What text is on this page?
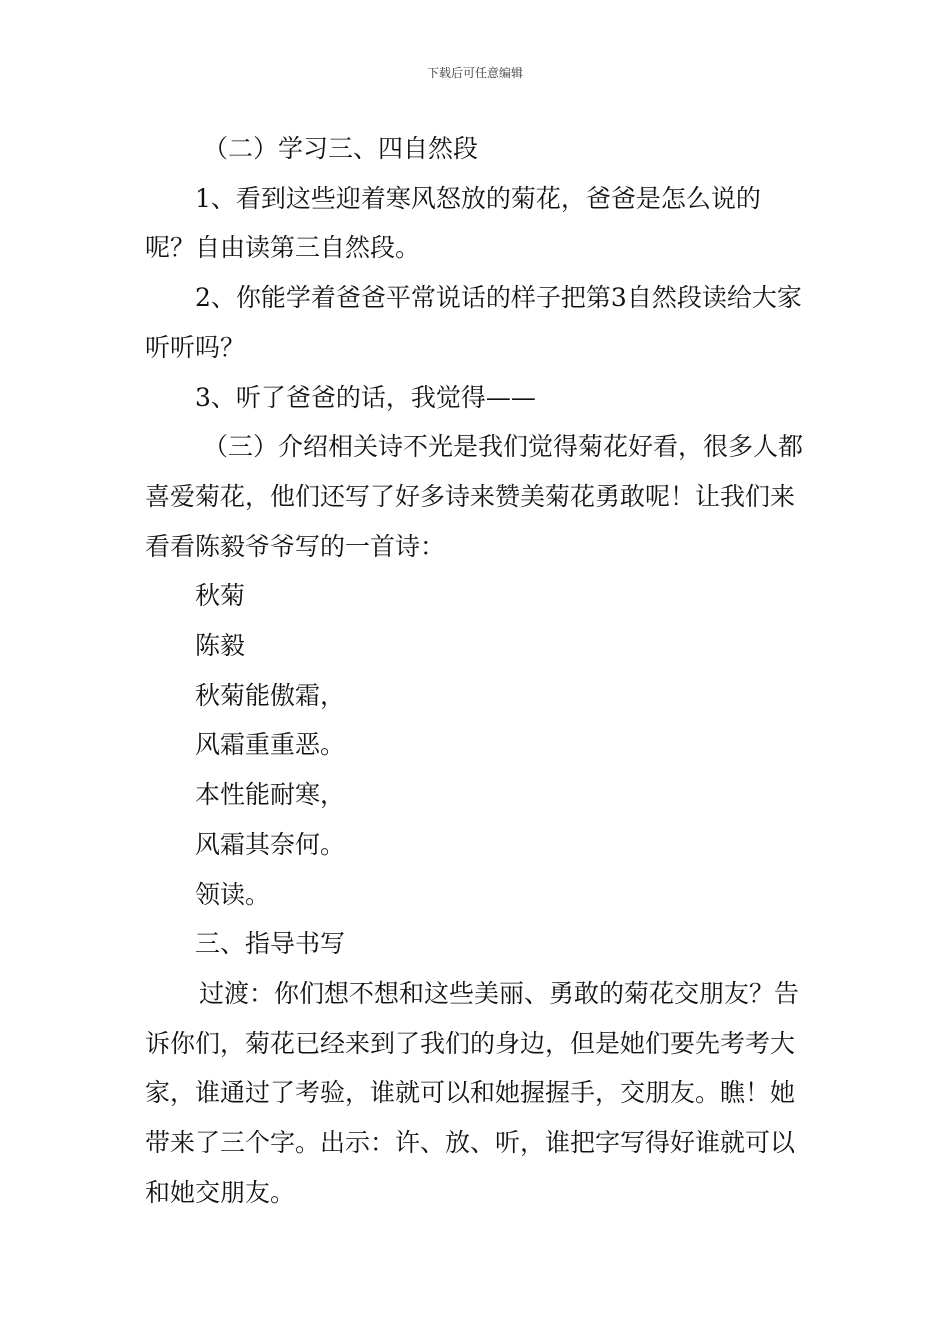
下载后可任意编辑

（二）学习三、四自然段

1、看到这些迎着寒风怒放的菊花，爸爸是怎么说的呢？自由读第三自然段。

2、你能学着爸爸平常说话的样子把第3自然段读给大家听听吗？

3、听了爸爸的话，我觉得——

（三）介绍相关诗不光是我们觉得菊花好看，很多人都喜爱菊花，他们还写了好多诗来赞美菊花勇敢呢！让我们来看看陈毅爷爷写的一首诗：

秋菊

陈毅

秋菊能傲霜，

风霜重重恶。

本性能耐寒，

风霜其奈何。

领读。

三、指导书写

过渡：你们想不想和这些美丽、勇敢的菊花交朋友？告诉你们，菊花已经来到了我们的身边，但是她们要先考考大家，谁通过了考验，谁就可以和她握握手，交朋友。瞧！她带来了三个字。出示：许、放、听，谁把字写得好谁就可以和她交朋友。
